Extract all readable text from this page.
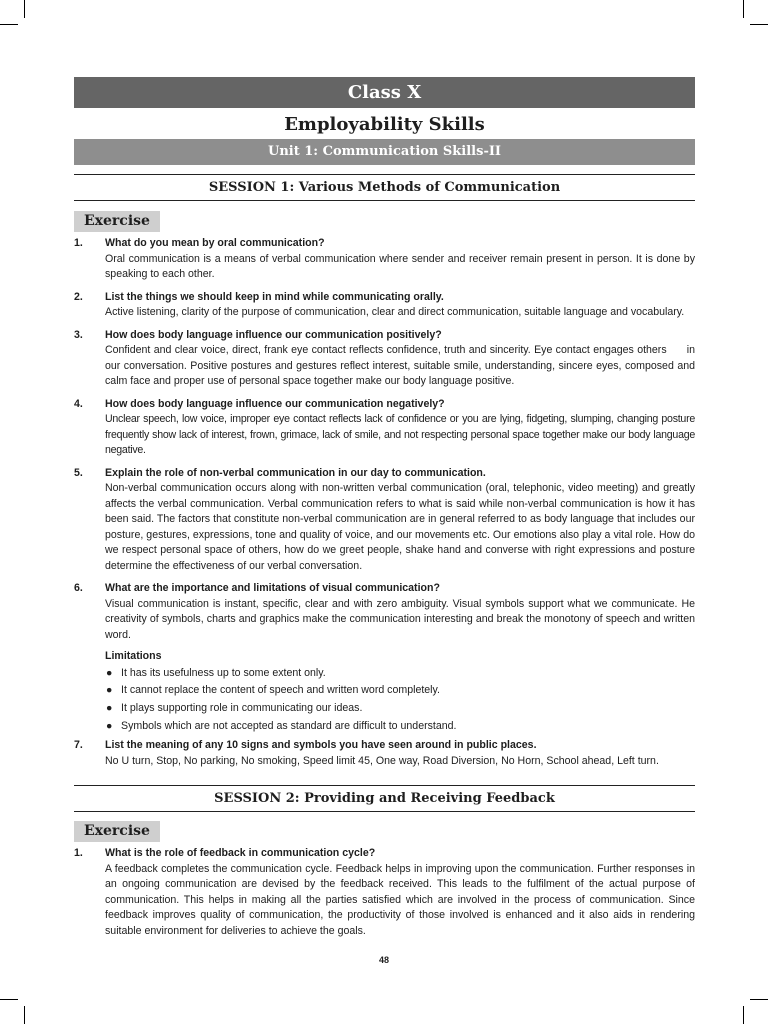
Class X
Employability Skills
Unit 1: Communication Skills-II
SESSION 1: Various Methods of Communication
Exercise
1. What do you mean by oral communication?
Oral communication is a means of verbal communication where sender and receiver remain present in person. It is done by speaking to each other.
2. List the things we should keep in mind while communicating orally.
Active listening, clarity of the purpose of communication, clear and direct communication, suitable language and vocabulary.
3. How does body language influence our communication positively?
Confident and clear voice, direct, frank eye contact reflects confidence, truth and sincerity. Eye contact engages others      in our conversation. Positive postures and gestures reflect interest, suitable smile, understanding, sincere eyes, composed and calm face and proper use of personal space together make our body language positive.
4. How does body language influence our communication negatively?
Unclear speech, low voice, improper eye contact reflects lack of confidence or you are lying, fidgeting, slumping, changing posture frequently show lack of interest, frown, grimace, lack of smile, and not respecting personal space together make our body language negative.
5. Explain the role of non-verbal communication in our day to communication.
Non-verbal communication occurs along with non-written verbal communication (oral, telephonic, video meeting) and greatly affects the verbal communication. Verbal communication refers to what is said while non-verbal communication is how it has been said. The factors that constitute non-verbal communication are in general referred to as body language that includes our posture, gestures, expressions, tone and quality of voice, and our movements etc. Our emotions also play a vital role. How do we respect personal space of others, how do we greet people, shake hand and converse with right expressions and posture determine the effectiveness of our verbal conversation.
6. What are the importance and limitations of visual communication?
Visual communication is instant, specific, clear and with zero ambiguity. Visual symbols support what we communicate. He creativity of symbols, charts and graphics make the communication interesting and break the monotony of speech and written word.
Limitations
● It has its usefulness up to some extent only.
● It cannot replace the content of speech and written word completely.
● It plays supporting role in communicating our ideas.
● Symbols which are not accepted as standard are difficult to understand.
7. List the meaning of any 10 signs and symbols you have seen around in public places.
No U turn, Stop, No parking, No smoking, Speed limit 45, One way, Road Diversion, No Horn, School ahead, Left turn.
SESSION 2: Providing and Receiving Feedback
Exercise
1. What is the role of feedback in communication cycle?
A feedback completes the communication cycle. Feedback helps in improving upon the communication. Further responses in an ongoing communication are devised by the feedback received. This leads to the fulfilment of the actual purpose of communication. This helps in making all the parties satisfied which are involved in the process of communication. Since feedback improves quality of communication, the productivity of those involved is enhanced and it also aids in rendering suitable environment for deliveries to achieve the goals.
48
